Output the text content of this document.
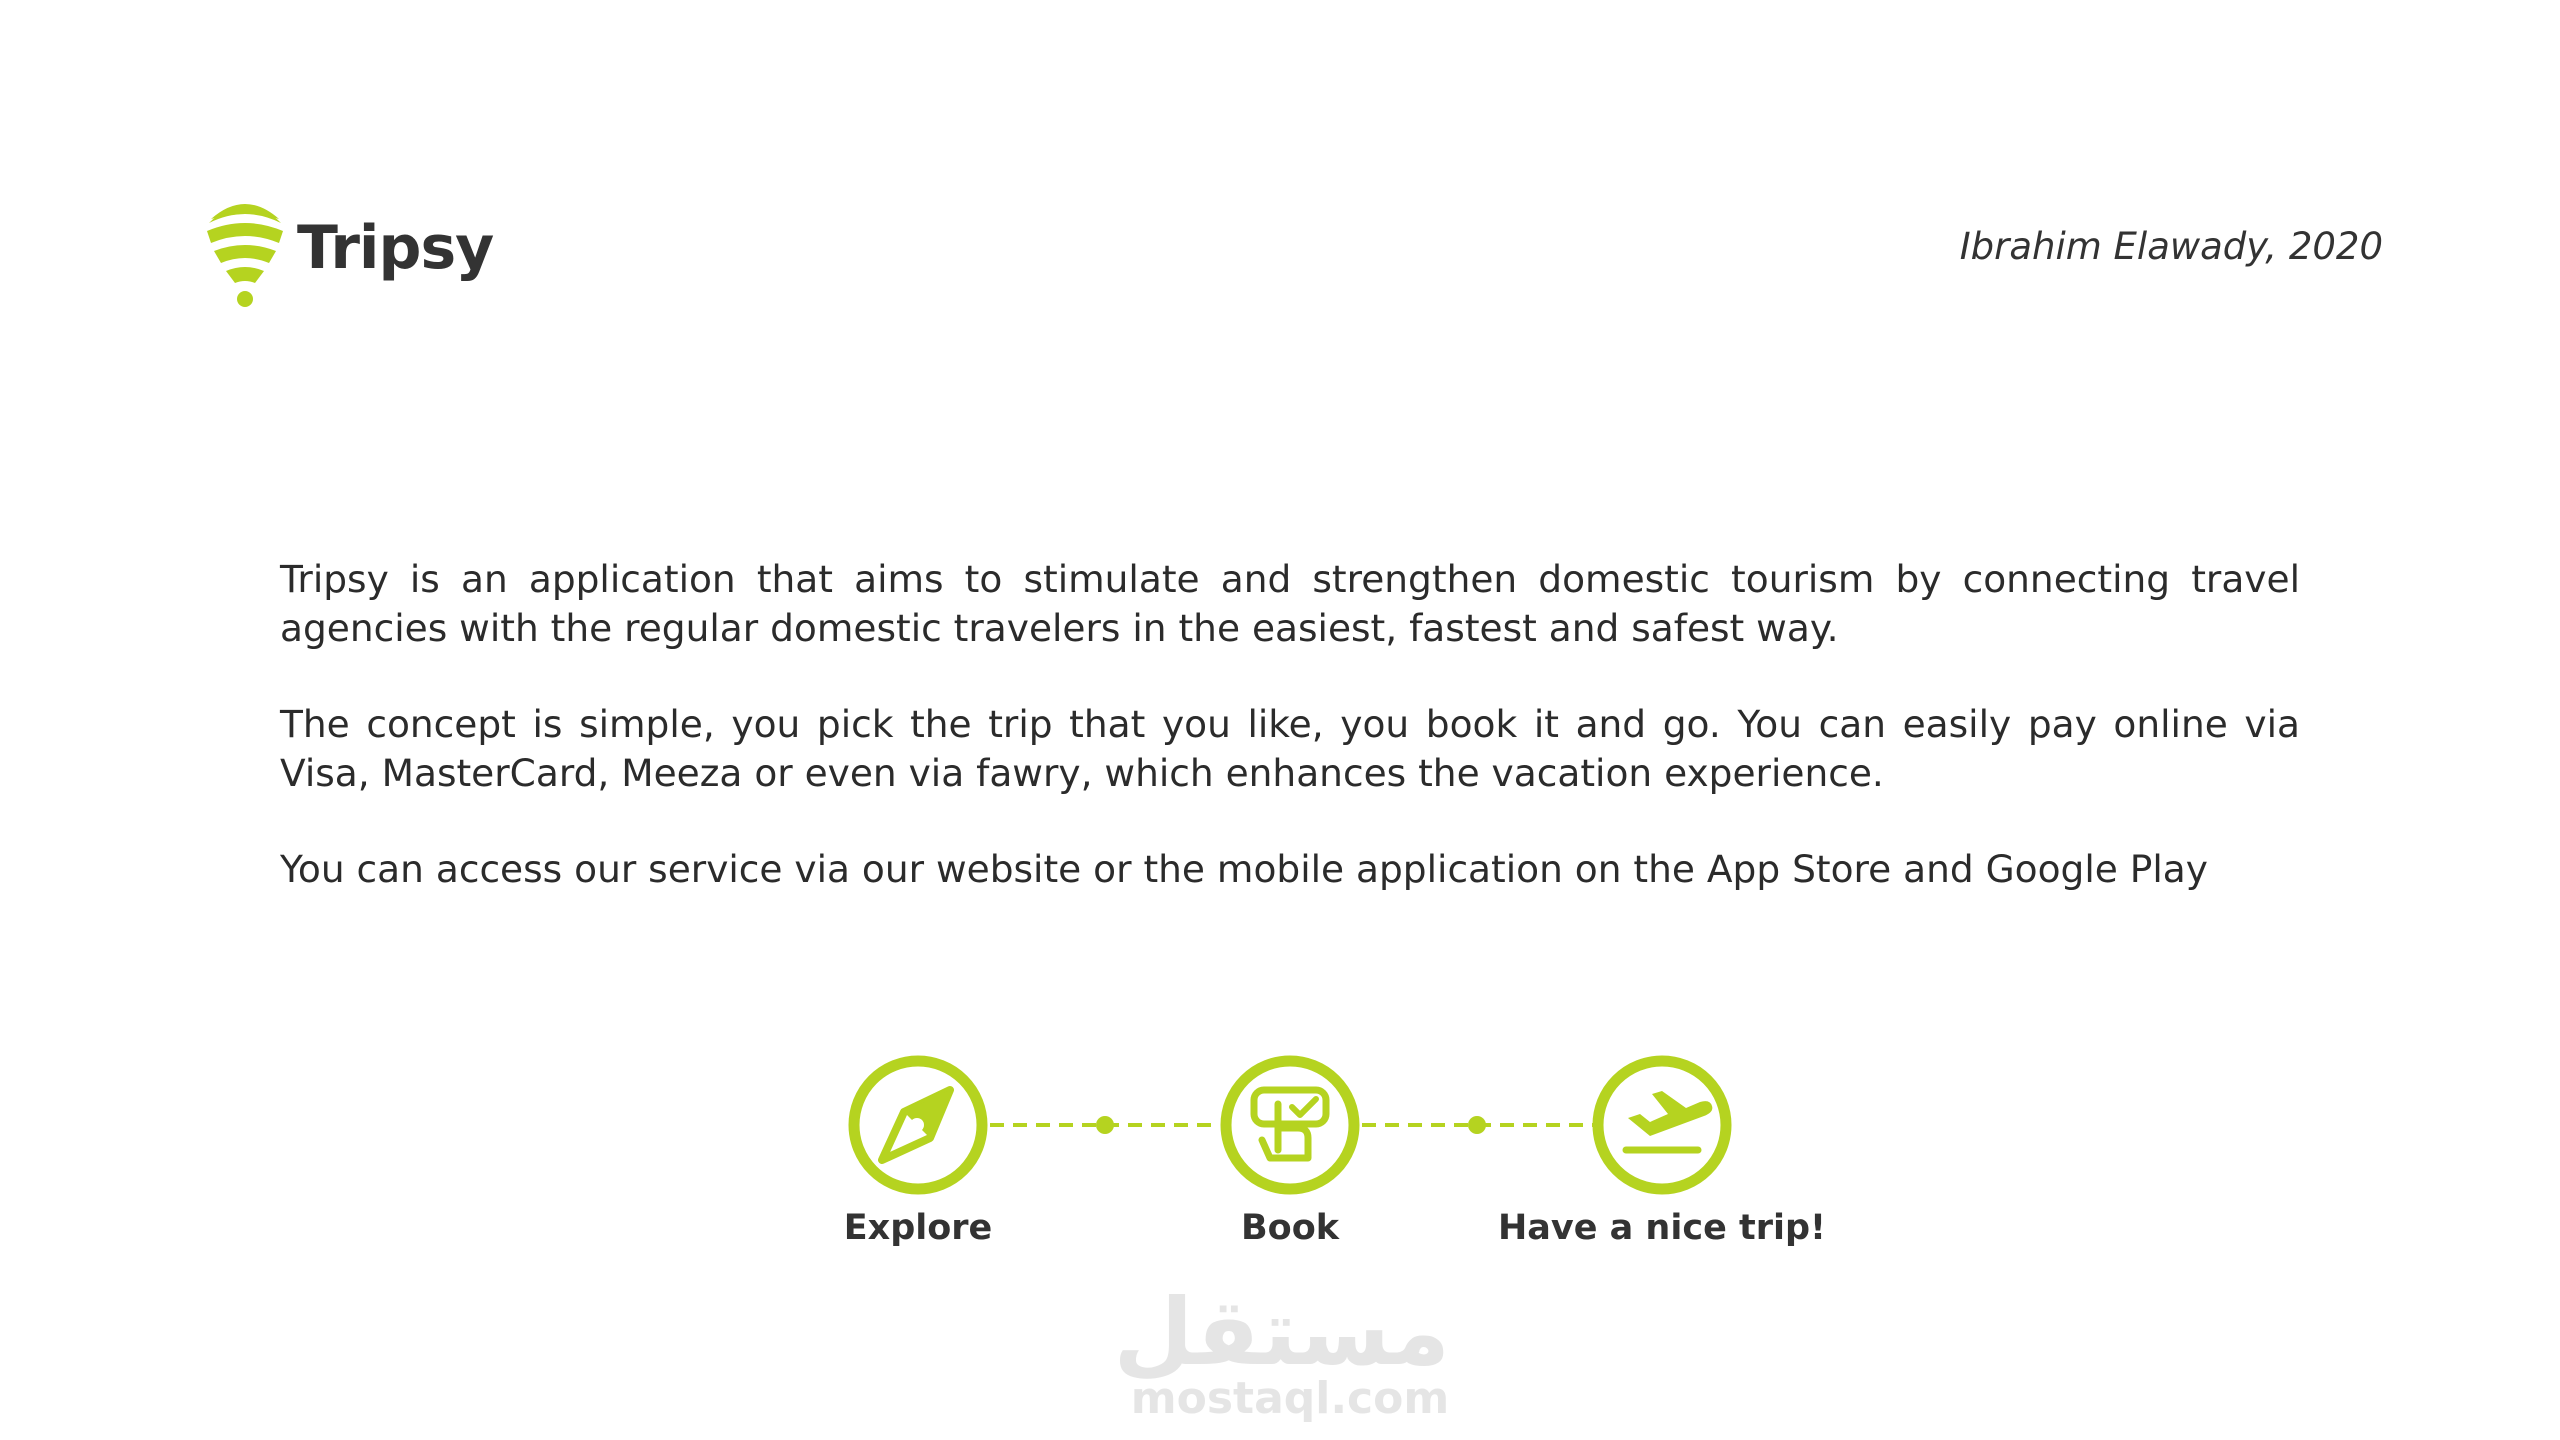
Tripsy	Ibrahim Elawady, 2020

Tripsy is an application that aims to stimulate and strengthen domestic tourism by connecting travel agencies with the regular domestic travelers in the easiest, fastest and safest way.

The concept is simple, you pick the trip that you like, you book it and go. You can easily pay online via Visa, MasterCard, Meeza or even via fawry, which enhances the vacation experience.

You can access our service via our website or the mobile application on the App Store and Google Play

Explore	Book	Have a nice trip!
مستقل
mostaql.com
